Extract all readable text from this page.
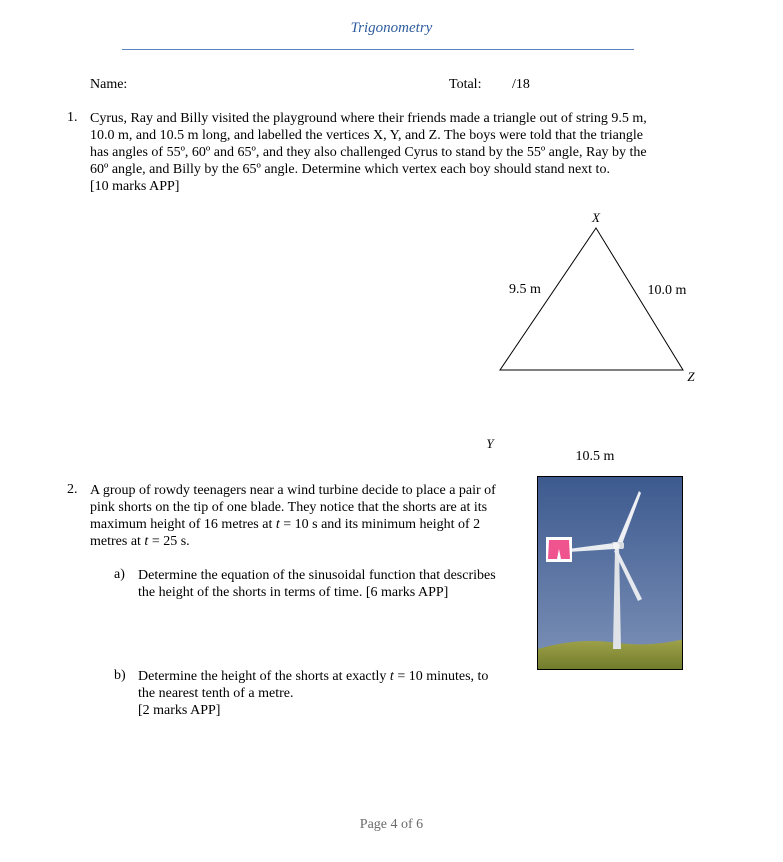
Trigonometry
Name:	Total: /18
1. Cyrus, Ray and Billy visited the playground where their friends made a triangle out of string 9.5 m,
10.0 m, and 10.5 m long, and labelled the vertices X, Y, and Z. The boys were told that the triangle
has angles of 55º, 60º and 65º, and they also challenged Cyrus to stand by the 55º angle, Ray by the
60º angle, and Billy by the 65º angle. Determine which vertex each boy should stand next to.
[10 marks APP]
X
Y
Z
9.5 m	10.0 m
10.5 m
2. A group of rowdy teenagers near a wind turbine decide to place a pair of
pink shorts on the tip of one blade. They notice that the shorts are at its
maximum height of 16 metres at t = 10 s and its minimum height of 2
metres at t = 25 s.
a) Determine the equation of the sinusoidal function that describes
the height of the shorts in terms of time. [6 marks APP]
b) Determine the height of the shorts at exactly t = 10 minutes, to
the nearest tenth of a metre.
[2 marks APP]
Page 4 of 6
